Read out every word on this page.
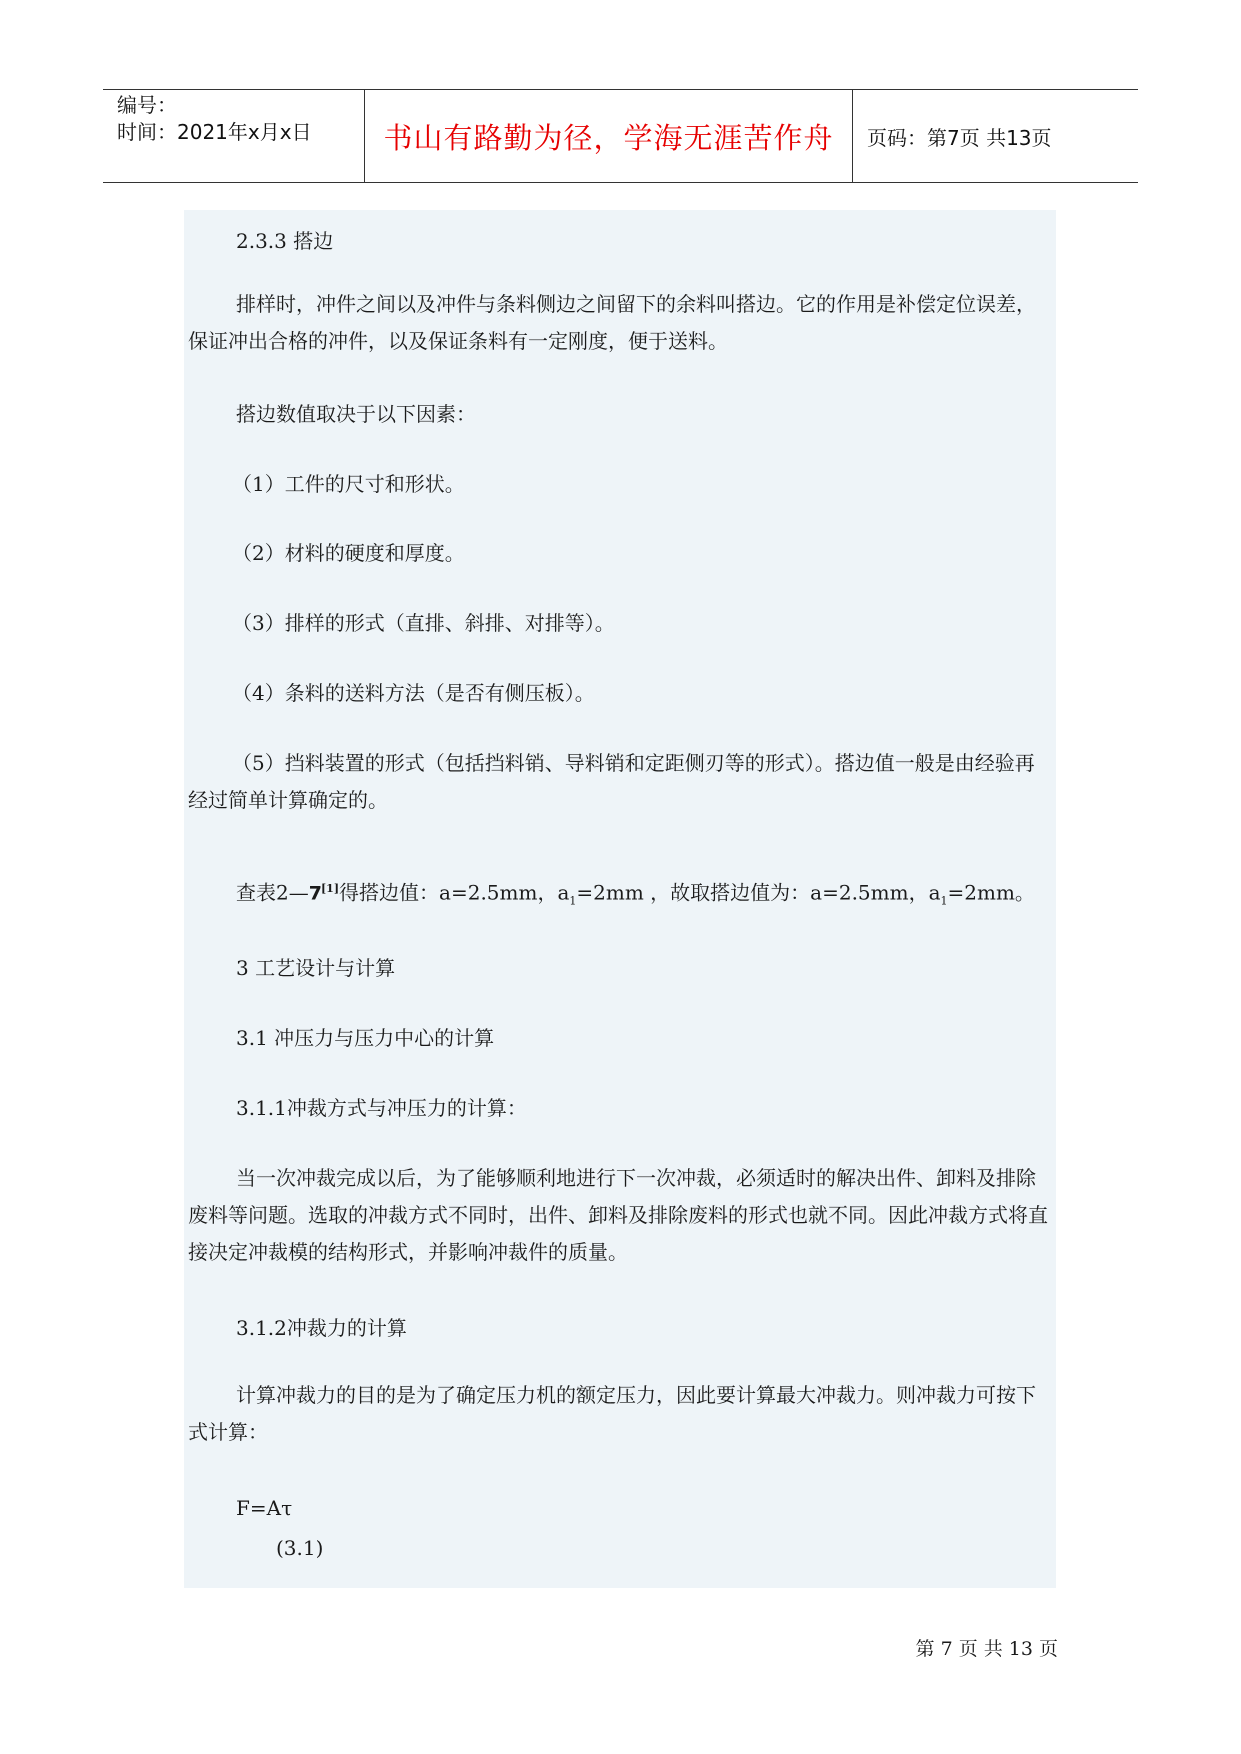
编号：
时间：2021年x月x日	书山有路勤为径，学海无涯苦作舟	页码：第7页 共13页
2.3.3 搭边
排样时，冲件之间以及冲件与条料侧边之间留下的余料叫搭边。它的作用是补偿定位误差，保证冲出合格的冲件，以及保证条料有一定刚度，便于送料。
搭边数值取决于以下因素：
（1）工件的尺寸和形状。
（2）材料的硬度和厚度。
（3）排样的形式（直排、斜排、对排等）。
（4）条料的送料方法（是否有侧压板）。
（5）挡料装置的形式（包括挡料销、导料销和定距侧刃等的形式）。搭边值一般是由经验再经过简单计算确定的。
查表2—7[1]得搭边值：a=2.5mm，$a_1=2mm$ ，故取搭边值为：a=2.5mm，$a_1=2mm$。
3 工艺设计与计算
3.1 冲压力与压力中心的计算
3.1.1冲裁方式与冲压力的计算：
当一次冲裁完成以后，为了能够顺利地进行下一次冲裁，必须适时的解决出件、卸料及排除废料等问题。选取的冲裁方式不同时，出件、卸料及排除废料的形式也就不同。因此冲裁方式将直接决定冲裁模的结构形式，并影响冲裁件的质量。
3.1.2冲裁力的计算
计算冲裁力的目的是为了确定压力机的额定压力，因此要计算最大冲裁力。则冲裁力可按下式计算：
F=Aτ
(3.1)
第 7 页 共 13 页
